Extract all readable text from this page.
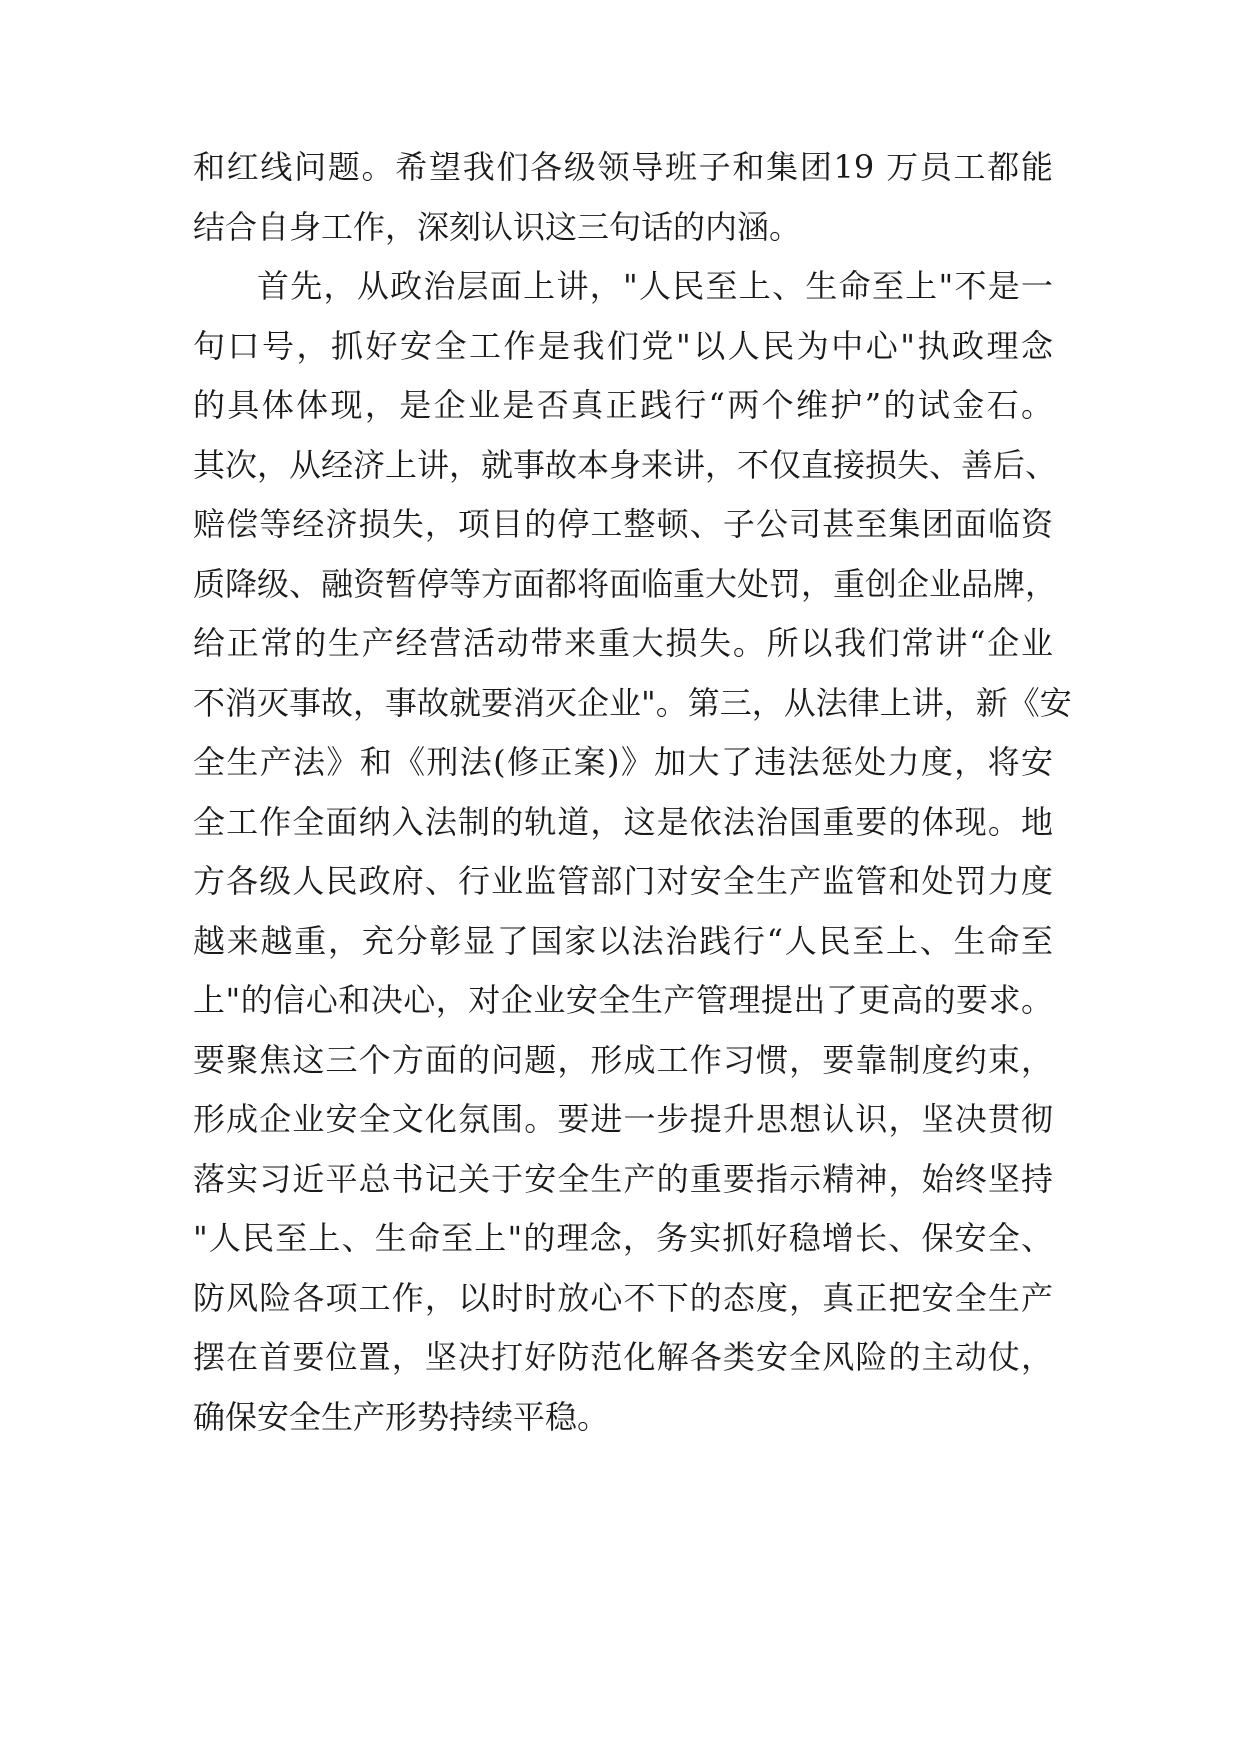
和红线问题。希望我们各级领导班子和集团19 万员工都能
结合自身工作，深刻认识这三句话的内涵。
首先，从政治层面上讲，"人民至上、生命至上"不是一
句口号，抓好安全工作是我们党"以人民为中心"执政理念
的具体体现，是企业是否真正践行“两个维护”的试金石。
其次，从经济上讲，就事故本身来讲，不仅直接损失、善后、
赔偿等经济损失，项目的停工整顿、子公司甚至集团面临资
质降级、融资暂停等方面都将面临重大处罚，重创企业品牌，
给正常的生产经营活动带来重大损失。所以我们常讲“企业
不消灭事故，事故就要消灭企业"。第三，从法律上讲，新《安
全生产法》和《刑法(修正案)》加大了违法惩处力度，将安
全工作全面纳入法制的轨道，这是依法治国重要的体现。地
方各级人民政府、行业监管部门对安全生产监管和处罚力度
越来越重，充分彰显了国家以法治践行“人民至上、生命至
上"的信心和决心，对企业安全生产管理提出了更高的要求。
要聚焦这三个方面的问题，形成工作习惯，要靠制度约束，
形成企业安全文化氛围。要进一步提升思想认识，坚决贯彻
落实习近平总书记关于安全生产的重要指示精神，始终坚持
"人民至上、生命至上"的理念，务实抓好稳增长、保安全、
防风险各项工作，以时时放心不下的态度，真正把安全生产
摆在首要位置，坚决打好防范化解各类安全风险的主动仗，
确保安全生产形势持续平稳。
